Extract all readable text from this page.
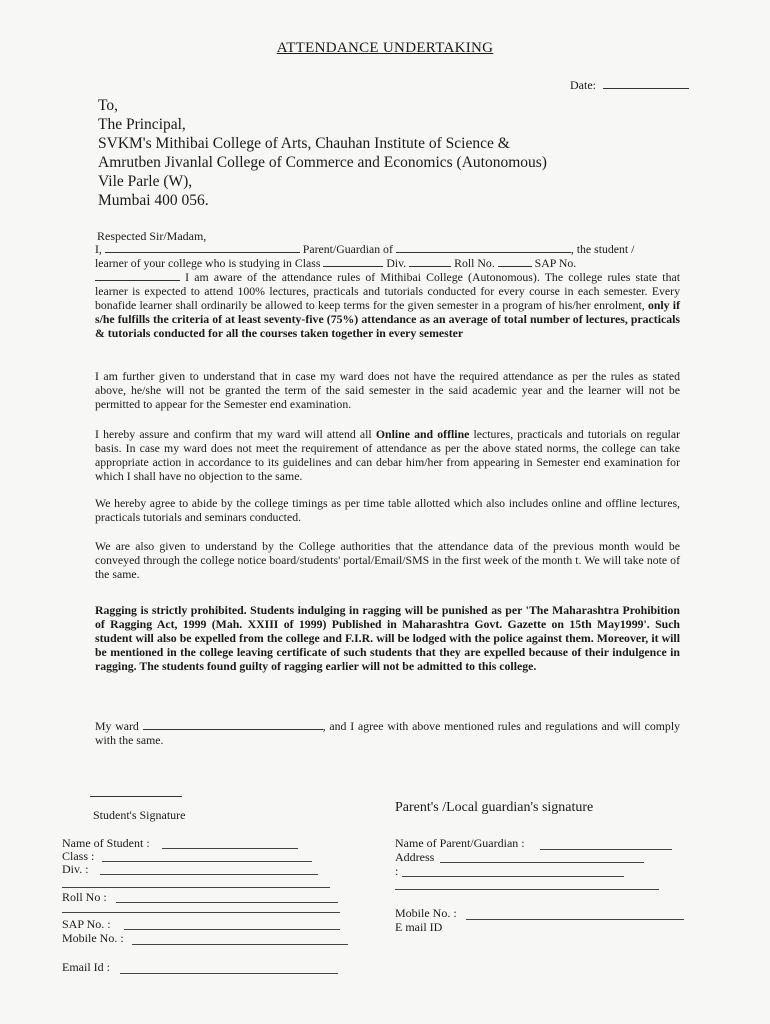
ATTENDANCE UNDERTAKING
Date:
To,
The Principal,
SVKM's Mithibai College of Arts, Chauhan Institute of Science &
Amrutben Jivanlal College of Commerce and Economics (Autonomous)
Vile Parle (W),
Mumbai 400 056.
Respected Sir/Madam,
I,	Parent/Guardian of	, the student /
learner of your college who is studying in Class	Div.	Roll No.	SAP No.
I am aware of the attendance rules of Mithibai College (Autonomous). The college rules state that learner is expected to attend 100% lectures, practicals and tutorials conducted for every course in each semester. Every bonafide learner shall ordinarily be allowed to keep terms for the given semester in a program of his/her enrolment, only if s/he fulfills the criteria of at least seventy-five (75%) attendance as an average of total number of lectures, practicals & tutorials conducted for all the courses taken together in every semester
I am further given to understand that in case my ward does not have the required attendance as per the rules as stated above, he/she will not be granted the term of the said semester in the said academic year and the learner will not be permitted to appear for the Semester end examination.
I hereby assure and confirm that my ward will attend all Online and offline lectures, practicals and tutorials on regular basis. In case my ward does not meet the requirement of attendance as per the above stated norms, the college can take appropriate action in accordance to its guidelines and can debar him/her from appearing in Semester end examination for which I shall have no objection to the same.
We hereby agree to abide by the college timings as per time table allotted which also includes online and offline lectures, practicals tutorials and seminars conducted.
We are also given to understand by the College authorities that the attendance data of the previous month would be conveyed through the college notice board/students' portal/Email/SMS in the first week of the month t. We will take note of the same.
Ragging is strictly prohibited. Students indulging in ragging will be punished as per 'The Maharashtra Prohibition of Ragging Act, 1999 (Mah. XXIII of 1999) Published in Maharashtra Govt. Gazette on 15th May1999'. Such student will also be expelled from the college and F.I.R. will be lodged with the police against them. Moreover, it will be mentioned in the college leaving certificate of such students that they are expelled because of their indulgence in ragging. The students found guilty of ragging earlier will not be admitted to this college.
My ward	, and I agree with above mentioned rules and regulations and will comply with the same.
Student's Signature
Name of Student :
Class :
Div. :
Roll No :
SAP No. :
Mobile No. :
Email Id :
Parent's /Local guardian's signature
Name of Parent/Guardian :
Address
:
Mobile No. :
E mail ID
